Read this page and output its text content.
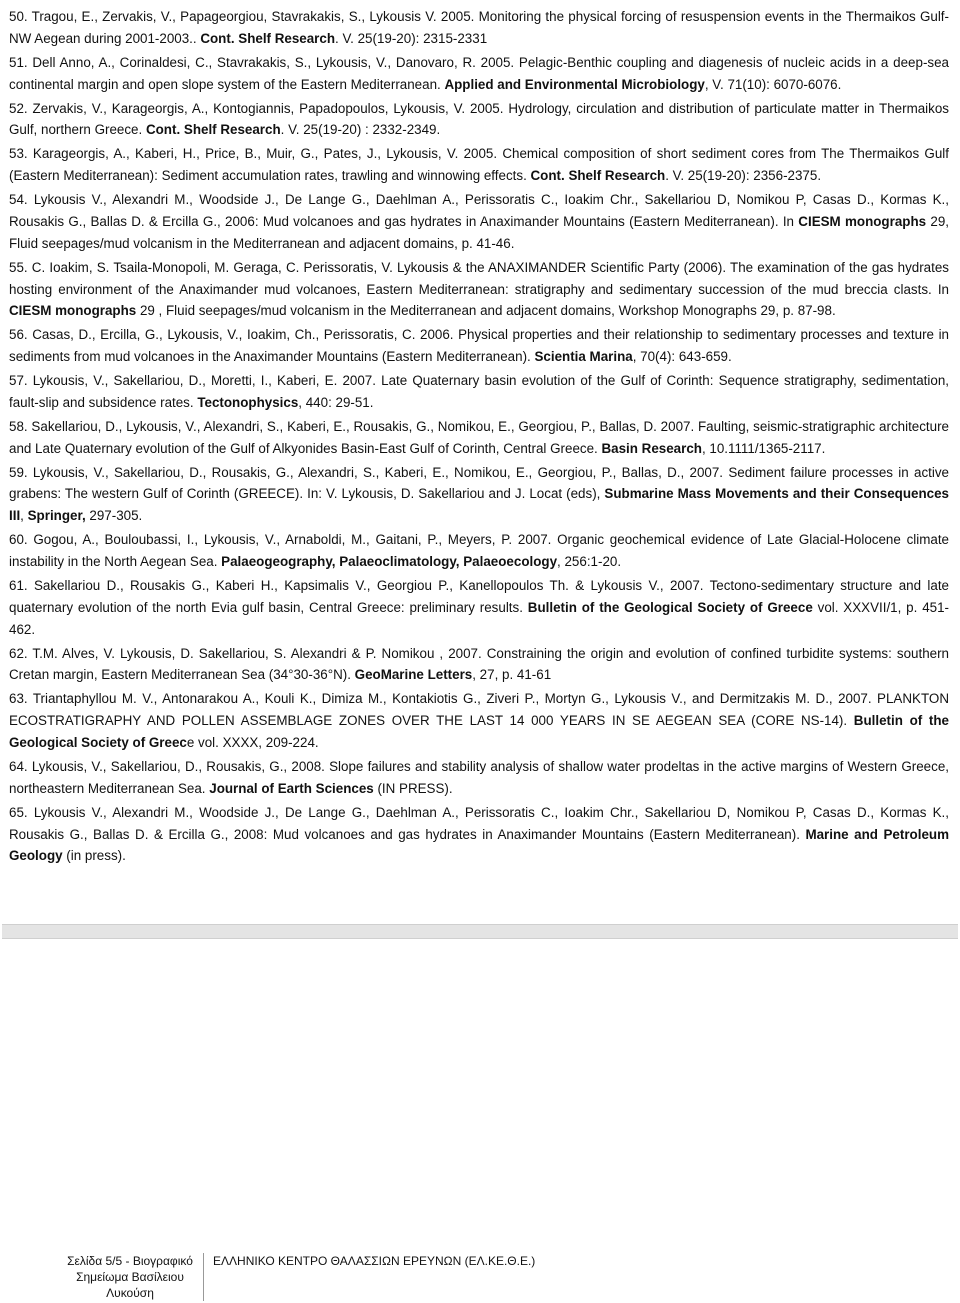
50. Tragou, E., Zervakis, V., Papageorgiou, Stavrakakis, S., Lykousis V. 2005. Monitoring the physical forcing of resuspension events in the Thermaikos Gulf-NW Aegean during 2001-2003.. Cont. Shelf Research. V. 25(19-20): 2315-2331

51. Dell Anno, A., Corinaldesi, C., Stavrakakis, S., Lykousis, V., Danovaro, R. 2005. Pelagic-Benthic coupling and diagenesis of nucleic acids in a deep-sea continental margin and open slope system of the Eastern Mediterranean. Applied and Environmental Microbiology, V. 71(10): 6070-6076.

52. Zervakis, V., Karageorgis, A., Kontogiannis, Papadopoulos, Lykousis, V. 2005. Hydrology, circulation and distribution of particulate matter in Thermaikos Gulf, northern Greece. Cont. Shelf Research. V. 25(19-20) : 2332-2349.

53. Karageorgis, A., Kaberi, H., Price, B., Muir, G., Pates, J., Lykousis, V. 2005. Chemical composition of short sediment cores from The Thermaikos Gulf (Eastern Mediterranean): Sediment accumulation rates, trawling and winnowing effects. Cont. Shelf Research. V. 25(19-20): 2356-2375.

54. Lykousis V., Alexandri M., Woodside J., De Lange G., Daehlman A., Perissoratis C., Ioakim Chr., Sakellariou D, Nomikou P, Casas D., Kormas K., Rousakis G., Ballas D. & Ercilla G., 2006: Mud volcanoes and gas hydrates in Anaximander Mountains (Eastern Mediterranean). In CIESM monographs 29, Fluid seepages/mud volcanism in the Mediterranean and adjacent domains, p. 41-46.

55. C. Ioakim, S. Tsaila-Monopoli, M. Geraga, C. Perissoratis, V. Lykousis & the ANAXIMANDER Scientific Party (2006). The examination of the gas hydrates hosting environment of the Anaximander mud volcanoes, Eastern Mediterranean: stratigraphy and sedimentary succession of the mud breccia clasts. In CIESM monographs 29 , Fluid seepages/mud volcanism in the Mediterranean and adjacent domains, Workshop Monographs 29, p. 87-98.

56. Casas, D., Ercilla, G., Lykousis, V., Ioakim, Ch., Perissoratis, C. 2006. Physical properties and their relationship to sedimentary processes and texture in sediments from mud volcanoes in the Anaximander Mountains (Eastern Mediterranean). Scientia Marina, 70(4): 643-659.

57. Lykousis, V., Sakellariou, D., Moretti, I., Kaberi, E. 2007. Late Quaternary basin evolution of the Gulf of Corinth: Sequence stratigraphy, sedimentation, fault-slip and subsidence rates. Tectonophysics, 440: 29-51.

58. Sakellariou, D., Lykousis, V., Alexandri, S., Kaberi, E., Rousakis, G., Nomikou, E., Georgiou, P., Ballas, D. 2007. Faulting, seismic-stratigraphic architecture and Late Quaternary evolution of the Gulf of Alkyonides Basin-East Gulf of Corinth, Central Greece. Basin Research, 10.1111/1365-2117.

59. Lykousis, V., Sakellariou, D., Rousakis, G., Alexandri, S., Kaberi, E., Nomikou, E., Georgiou, P., Ballas, D., 2007. Sediment failure processes in active grabens: The western Gulf of Corinth (GREECE). In: V. Lykousis, D. Sakellariou and J. Locat (eds), Submarine Mass Movements and their Consequences III, Springer, 297-305.

60. Gogou, A., Bouloubassi, I., Lykousis, V., Arnaboldi, M., Gaitani, P., Meyers, P. 2007. Organic geochemical evidence of Late Glacial-Holocene climate instability in the North Aegean Sea. Palaeogeography, Palaeoclimatology, Palaeoecology, 256:1-20.

61. Sakellariou D., Rousakis G., Kaberi H., Kapsimalis V., Georgiou P., Kanellopoulos Th. & Lykousis V., 2007. Tectono-sedimentary structure and late quaternary evolution of the north Evia gulf basin, Central Greece: preliminary results. Bulletin of the Geological Society of Greece vol. XXXVII/1, p. 451-462.

62. T.M. Alves, V. Lykousis, D. Sakellariou, S. Alexandri & P. Nomikou , 2007. Constraining the origin and evolution of confined turbidite systems: southern Cretan margin, Eastern Mediterranean Sea (34°30-36°N). GeoMarine Letters, 27, p. 41-61

63. Triantaphyllou M. V., Antonarakou A., Kouli K., Dimiza M., Kontakiotis G., Ziveri P., Mortyn G., Lykousis V., and Dermitzakis M. D., 2007. PLANKTON ECOSTRATIGRAPHY AND POLLEN ASSEMBLAGE ZONES OVER THE LAST 14 000 YEARS IN SE AEGEAN SEA (CORE NS-14). Bulletin of the Geological Society of Greece vol. XXXX, 209-224.

64. Lykousis, V., Sakellariou, D., Rousakis, G., 2008. Slope failures and stability analysis of shallow water prodeltas in the active margins of Western Greece, northeastern Mediterranean Sea. Journal of Earth Sciences (IN PRESS).

65. Lykousis V., Alexandri M., Woodside J., De Lange G., Daehlman A., Perissoratis C., Ioakim Chr., Sakellariou D, Nomikou P, Casas D., Kormas K., Rousakis G., Ballas D. & Ercilla G., 2008: Mud volcanoes and gas hydrates in Anaximander Mountains (Eastern Mediterranean). Marine and Petroleum Geology (in press).

Σελίδα 5/5 - Βιογραφικό Σημείωμα Βασίλειου Λυκούση
ΕΛΛΗΝΙΚΟ ΚΕΝΤΡΟ ΘΑΛΑΣΣΙΩΝ ΕΡΕΥΝΩΝ (ΕΛ.ΚΕ.Θ.Ε.)
